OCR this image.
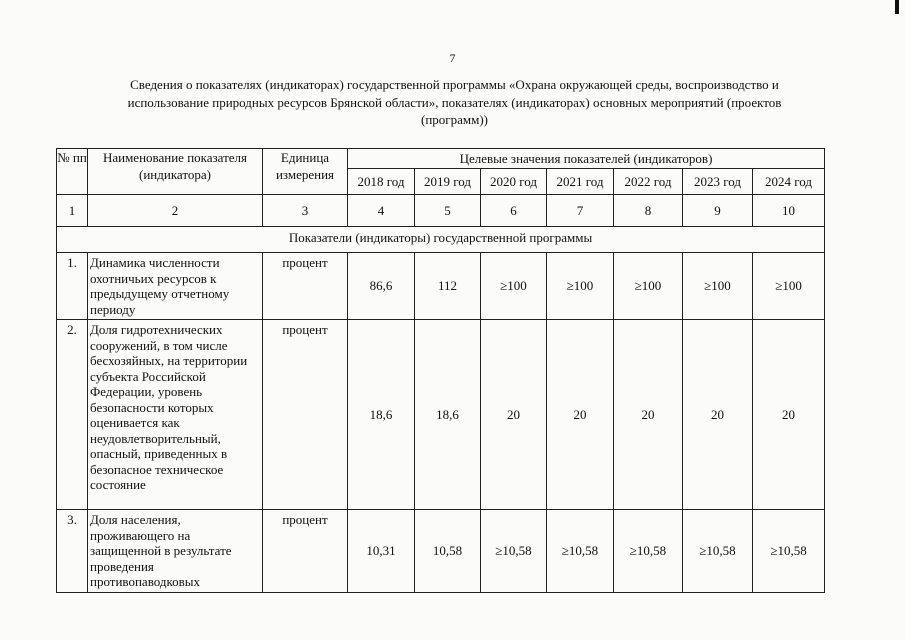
7
Сведения о показателях (индикаторах) государственной программы «Охрана окружающей среды, воспроизводство и
использование природных ресурсов Брянской области», показателях (индикаторах) основных мероприятий (проектов
(программ))
№ пп	Наименование показателя (индикатора)	Единица измерения	Целевые значения показателей (индикаторов)						
			2018 год	2019 год	2020 год	2021 год	2022 год	2023 год	2024 год
1	2	3	4	5	6	7	8	9	10
Показатели (индикаторы) государственной программы									
1.	Динамика численности охотничьих ресурсов к предыдущему отчетному периоду	процент	86,6	112	≥100	≥100	≥100	≥100	≥100
2.	Доля гидротехнических сооружений, в том числе бесхозяйных, на территории субъекта Российской Федерации, уровень безопасности которых оценивается как неудовлетворительный, опасный, приведенных в безопасное техническое состояние	процент	18,6	18,6	20	20	20	20	20
3.	Доля населения, проживающего на защищенной в результате проведения противопаводковых	процент	10,31	10,58	≥10,58	≥10,58	≥10,58	≥10,58	≥10,58
